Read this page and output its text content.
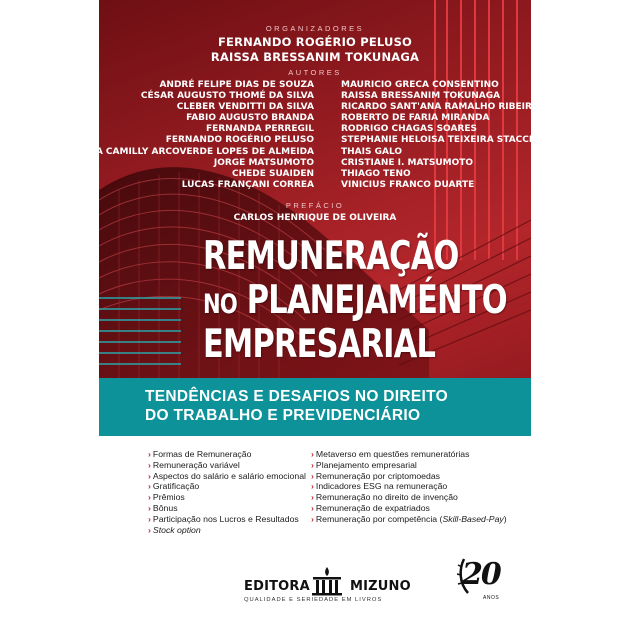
ORGANIZADORES
FERNANDO ROGÉRIO PELUSO
RAISSA BRESSANIM TOKUNAGA
AUTORES
ANDRÉ FELIPE DIAS DE SOUZA
CÉSAR AUGUSTO THOMÉ DA SILVA
CLEBER VENDITTI DA SILVA
FABIO AUGUSTO BRANDA
FERNANDA PERREGIL
FERNANDO ROGÉRIO PELUSO
JÉSSICA CAMILLY ARCOVERDE LOPES DE ALMEIDA
JORGE MATSUMOTO
CHEDE SUAIDEN
LUCAS FRANÇANI CORREA
MAURICIO GRECA CONSENTINO
RAISSA BRESSANIM TOKUNAGA
RICARDO SANT'ANA RAMALHO RIBEIRO
ROBERTO DE FARIA MIRANDA
RODRIGO CHAGAS SOARES
STEPHANIE HELOISA TEIXEIRA STACCIARINI
THAIS GALO
CRISTIANE I. MATSUMOTO
THIAGO TENO
VINICIUS FRANCO DUARTE
PREFÁCIO
CARLOS HENRIQUE DE OLIVEIRA
REMUNERAÇÃO
NO PLANEJAMÉNTO
EMPRESARIAL
TENDÊNCIAS E DESAFIOS NO DIREITO
DO TRABALHO E PREVIDENCIÁRIO
› Formas de Remuneração
› Remuneração variável
› Aspectos do salário e salário emocional
› Gratificação
› Prêmios
› Bônus
› Participação nos Lucros e Resultados
› Stock option
› Metaverso em questões remuneratórias
› Planejamento empresarial
› Remuneração por criptomoedas
› Indicadores ESG na remuneração
› Remuneração no direito de invenção
› Remuneração de expatriados
› Remuneração por competência (Skill-Based-Pay)
EDITORA	MIZUNO
QUALIDADE E SERIEDADE EM LIVROS
20
ANOS
